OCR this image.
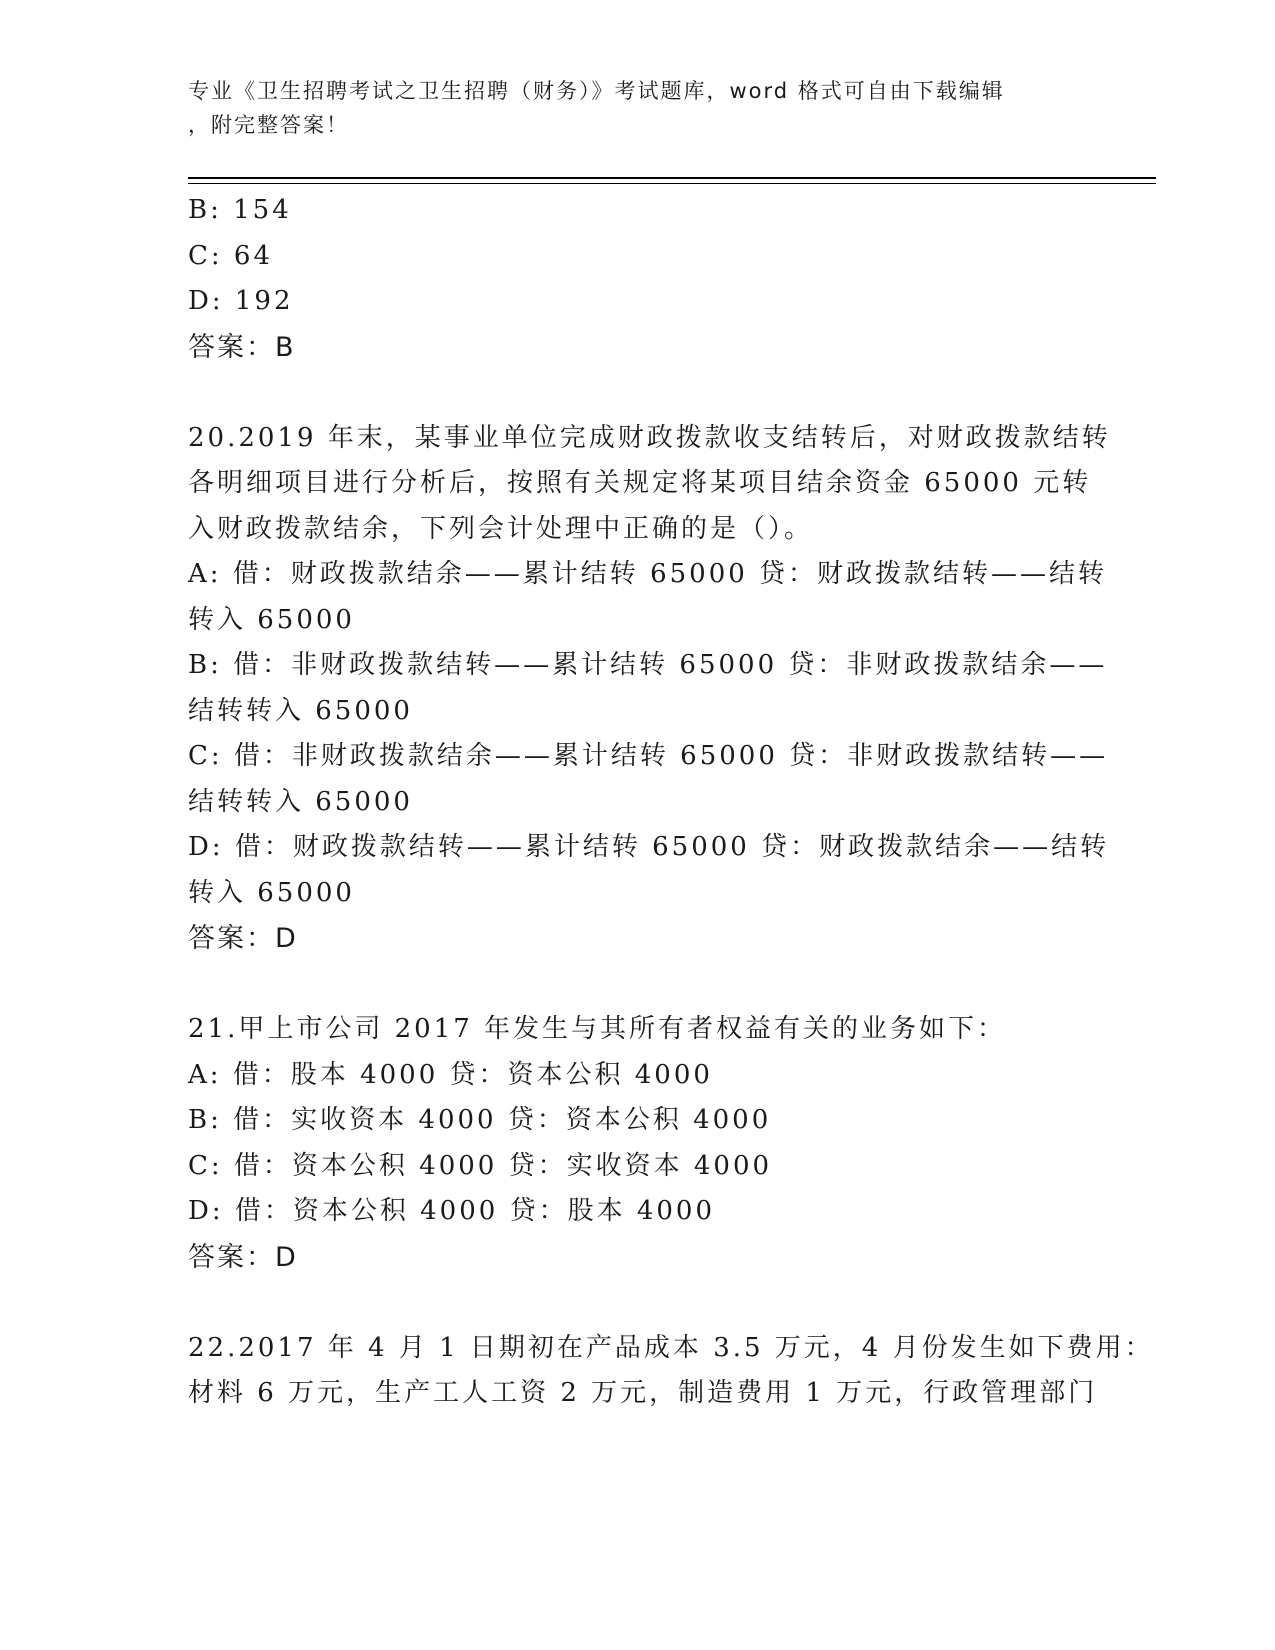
专业《卫生招聘考试之卫生招聘（财务）》考试题库，word 格式可自由下载编辑
，附完整答案！
B: 154
C: 64
D: 192
答案：B
20.2019 年末，某事业单位完成财政拨款收支结转后，对财政拨款结转
各明细项目进行分析后，按照有关规定将某项目结余资金 65000 元转
入财政拨款结余，下列会计处理中正确的是（）。
A: 借：财政拨款结余——累计结转 65000 贷：财政拨款结转——结转
转入 65000
B: 借：非财政拨款结转——累计结转 65000 贷：非财政拨款结余——
结转转入 65000
C: 借：非财政拨款结余——累计结转 65000 贷：非财政拨款结转——
结转转入 65000
D: 借：财政拨款结转——累计结转 65000 贷：财政拨款结余——结转
转入 65000
答案：D
21.甲上市公司 2017 年发生与其所有者权益有关的业务如下：
A: 借：股本 4000 贷：资本公积 4000
B: 借：实收资本 4000 贷：资本公积 4000
C: 借：资本公积 4000 贷：实收资本 4000
D: 借：资本公积 4000 贷：股本 4000
答案：D
22.2017 年 4 月 1 日期初在产品成本 3.5 万元，4 月份发生如下费用：
材料 6 万元，生产工人工资 2 万元，制造费用 1 万元，行政管理部门
